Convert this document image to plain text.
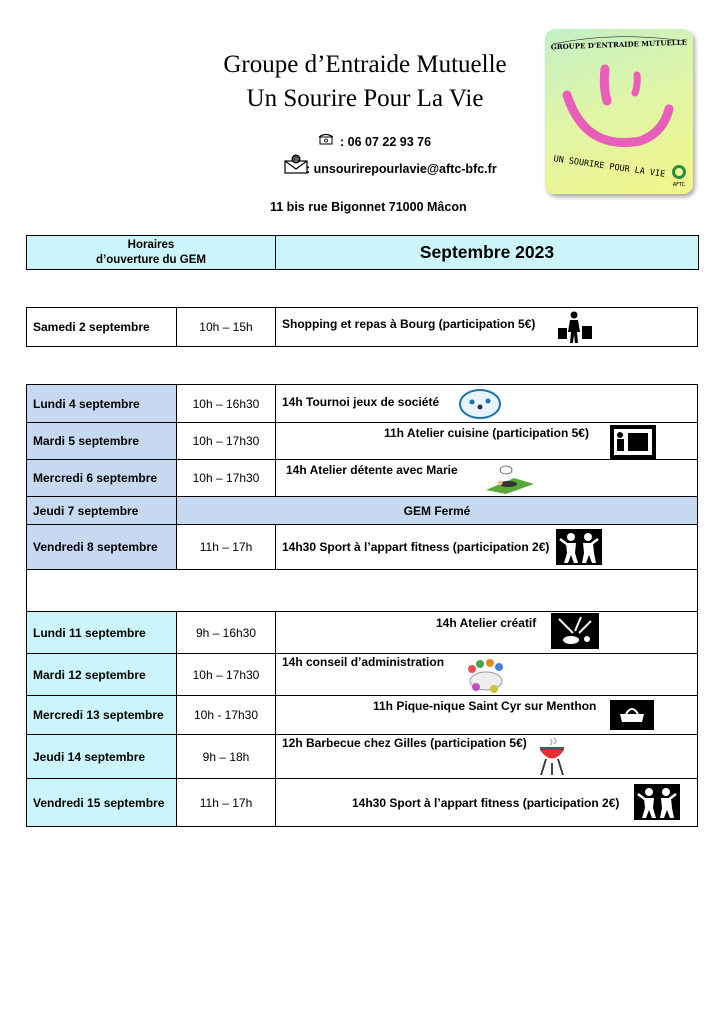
Groupe d’Entraide Mutuelle
Un Sourire Pour La Vie
: 06 07 22 93 76
@
: unsourirepourlavie@aftc-bfc.fr
11 bis rue Bigonnet 71000 Mâcon
GROUPE D'ENTRAIDE MUTUELLE
UN SOURIRE POUR LA VIE
AFTC
Horaires
d’ouverture du GEM	Septembre 2023
Samedi 2 septembre	10h – 15h	Shopping et repas à Bourg (participation 5€)
Lundi 4 septembre	10h – 16h30	14h Tournoi jeux de société

Mardi 5 septembre	10h – 17h30	11h Atelier cuisine (participation 5€)

Mercredi 6 septembre	10h – 17h30	14h Atelier détente avec Marie

Jeudi 7 septembre	GEM Fermé	
Vendredi 8 septembre	11h – 17h	14h30 Sport à l’appart fitness (participation 2€)
Lundi 11 septembre	9h – 16h30	14h Atelier créatif

Mardi 12 septembre	10h – 17h30	14h conseil d’administration

Mercredi 13 septembre	10h - 17h30	11h Pique-nique Saint Cyr sur Menthon

Jeudi 14 septembre	9h – 18h	12h Barbecue chez Gilles (participation 5€)

Vendredi 15 septembre	11h – 17h	14h30 Sport à l’appart fitness (participation 2€)
